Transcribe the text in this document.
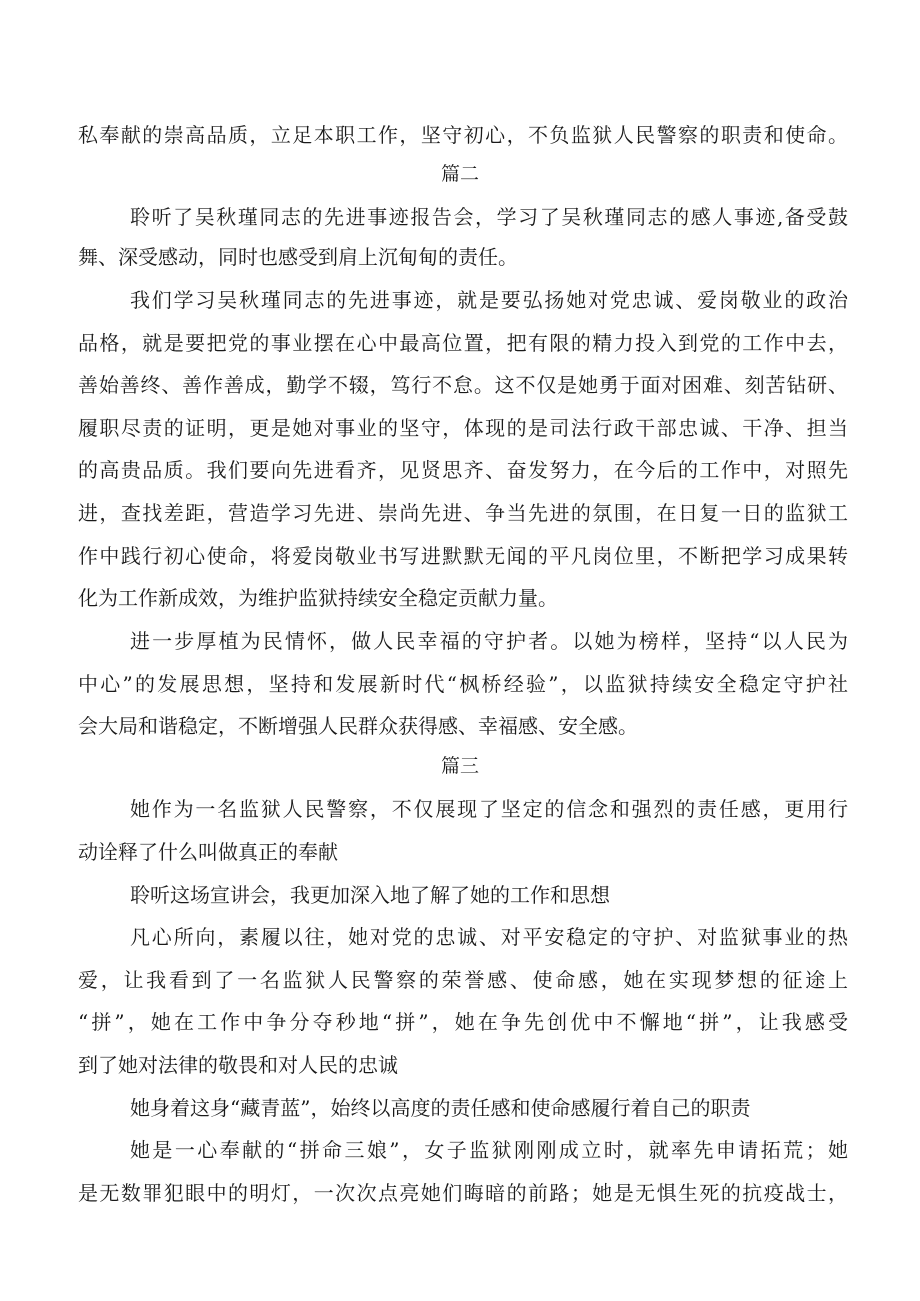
私奉献的崇高品质，立足本职工作，坚守初心，不负监狱人民警察的职责和使命。
篇二
聆听了吴秋瑾同志的先进事迹报告会，学习了吴秋瑾同志的感人事迹,备受鼓
舞、深受感动，同时也感受到肩上沉甸甸的责任。
我们学习吴秋瑾同志的先进事迹，就是要弘扬她对党忠诚、爱岗敬业的政治
品格，就是要把党的事业摆在心中最高位置，把有限的精力投入到党的工作中去，
善始善终、善作善成，勤学不辍，笃行不怠。这不仅是她勇于面对困难、刻苦钻研、
履职尽责的证明，更是她对事业的坚守，体现的是司法行政干部忠诚、干净、担当
的高贵品质。我们要向先进看齐，见贤思齐、奋发努力，在今后的工作中，对照先
进，查找差距，营造学习先进、崇尚先进、争当先进的氛围，在日复一日的监狱工
作中践行初心使命，将爱岗敬业书写进默默无闻的平凡岗位里，不断把学习成果转
化为工作新成效，为维护监狱持续安全稳定贡献力量。
进一步厚植为民情怀，做人民幸福的守护者。以她为榜样，坚持“以人民为
中心”的发展思想，坚持和发展新时代“枫桥经验”，以监狱持续安全稳定守护社
会大局和谐稳定，不断增强人民群众获得感、幸福感、安全感。
篇三
她作为一名监狱人民警察，不仅展现了坚定的信念和强烈的责任感，更用行
动诠释了什么叫做真正的奉献
聆听这场宣讲会，我更加深入地了解了她的工作和思想
凡心所向，素履以往，她对党的忠诚、对平安稳定的守护、对监狱事业的热
爱，让我看到了一名监狱人民警察的荣誉感、使命感，她在实现梦想的征途上
“拼”，她在工作中争分夺秒地“拼”，她在争先创优中不懈地“拼”，让我感受
到了她对法律的敬畏和对人民的忠诚
她身着这身“藏青蓝”，始终以高度的责任感和使命感履行着自己的职责
她是一心奉献的“拼命三娘”，女子监狱刚刚成立时，就率先申请拓荒；她
是无数罪犯眼中的明灯，一次次点亮她们晦暗的前路；她是无惧生死的抗疫战士，
